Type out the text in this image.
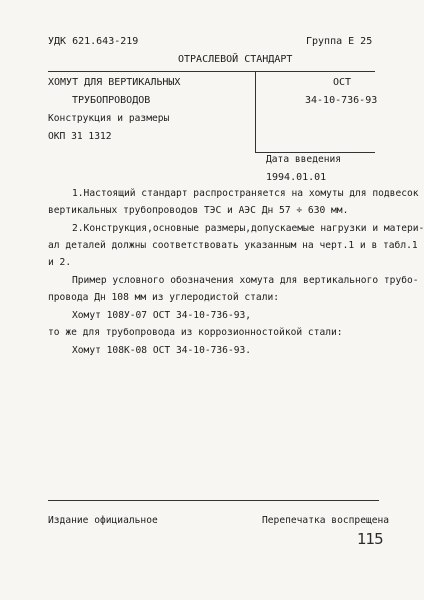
УДК 621.643-219	Группа Е 25
ОТРАСЛЕВОЙ СТАНДАРТ
ХОМУТ ДЛЯ ВЕРТИКАЛЬНЫХ
ТРУБОПРОВОДОВ
Конструкция и размеры
ОКП 31 1312
ОСТ
34-10-736-93
Дата введения
1994.01.01
1.Настоящий стандарт распространяется на хомуты для подвесок
вертикальных трубопроводов ТЭС и АЭС Дн 57 ÷ 630 мм.
2.Конструкция,основные размеры,допускаемые нагрузки и матери-
ал деталей должны соответствовать указанным на черт.1 и в табл.1
и 2.
Пример условного обозначения хомута для вертикального трубо-
провода Дн 108 мм из углеродистой стали:
Хомут 108У-07 ОСТ 34-10-736-93,
то же для трубопровода из коррозионностойкой стали:
Хомут 108К-08 ОСТ 34-10-736-93.
Издание официальное	Перепечатка воспрещена
115
